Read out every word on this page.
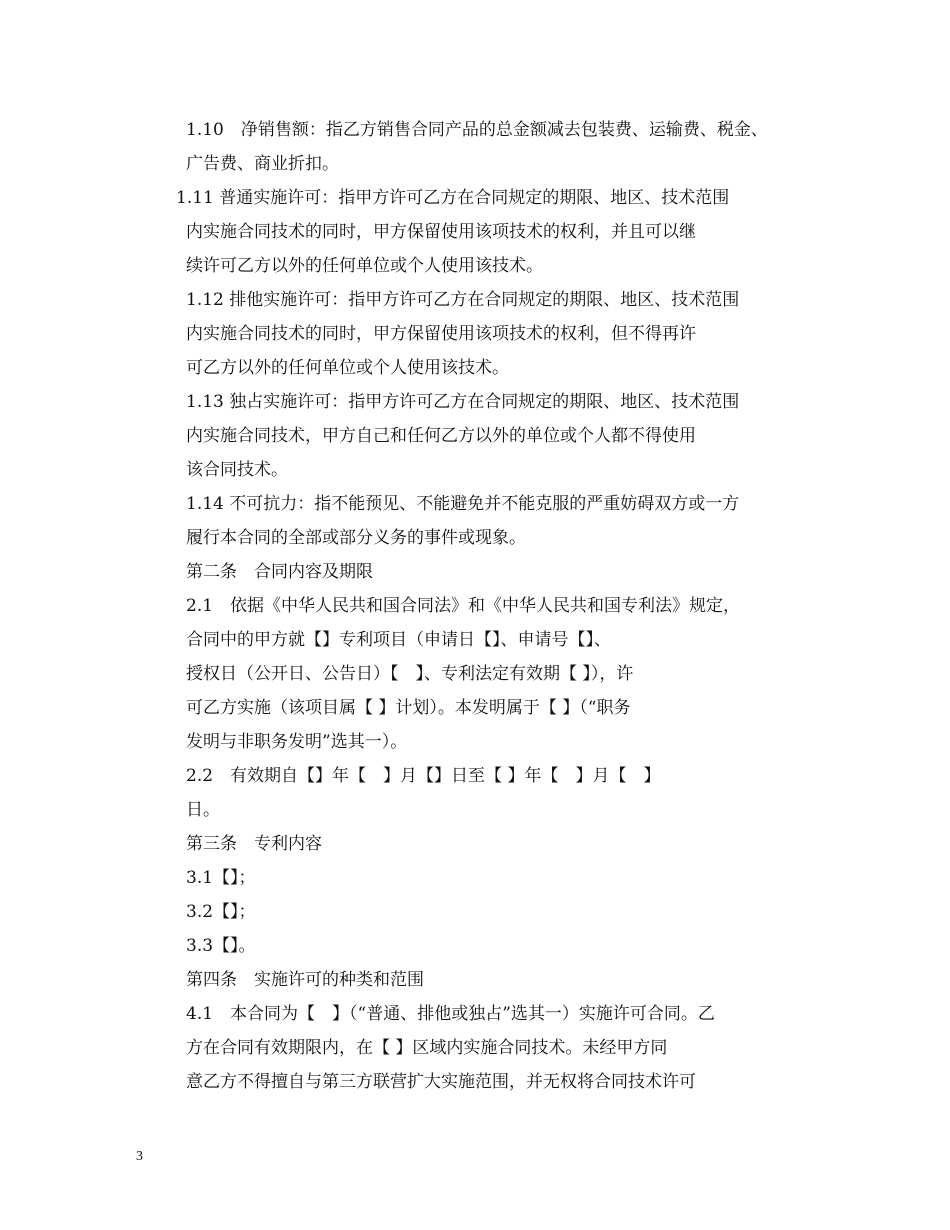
1.10　净销售额：指乙方销售合同产品的总金额减去包装费、运输费、税金、
广告费、商业折扣。
1.11 普通实施许可：指甲方许可乙方在合同规定的期限、地区、技术范围
内实施合同技术的同时，甲方保留使用该项技术的权利，并且可以继
续许可乙方以外的任何单位或个人使用该技术。
1.12 排他实施许可：指甲方许可乙方在合同规定的期限、地区、技术范围
内实施合同技术的同时，甲方保留使用该项技术的权利，但不得再许
可乙方以外的任何单位或个人使用该技术。
1.13 独占实施许可：指甲方许可乙方在合同规定的期限、地区、技术范围
内实施合同技术，甲方自己和任何乙方以外的单位或个人都不得使用
该合同技术。
1.14 不可抗力：指不能预见、不能避免并不能克服的严重妨碍双方或一方
履行本合同的全部或部分义务的事件或现象。
第二条　合同内容及期限
2.1　依据《中华人民共和国合同法》和《中华人民共和国专利法》规定，
合同中的甲方就【】专利项目（申请日【】、申请号【】、
授权日（公开日、公告日）【　】、专利法定有效期【 】），许
可乙方实施（该项目属【 】计划）。本发明属于【 】（“职务
发明与非职务发明”选其一）。
2.2　有效期自【】年【　】月【】日至【 】年【　】月【　】
日。
第三条　专利内容
3.1【】；
3.2【】；
3.3【】。
第四条　实施许可的种类和范围
4.1　本合同为【　】（“普通、排他或独占”选其一）实施许可合同。乙
方在合同有效期限内，在【 】区域内实施合同技术。未经甲方同
意乙方不得擅自与第三方联营扩大实施范围，并无权将合同技术许可
3
